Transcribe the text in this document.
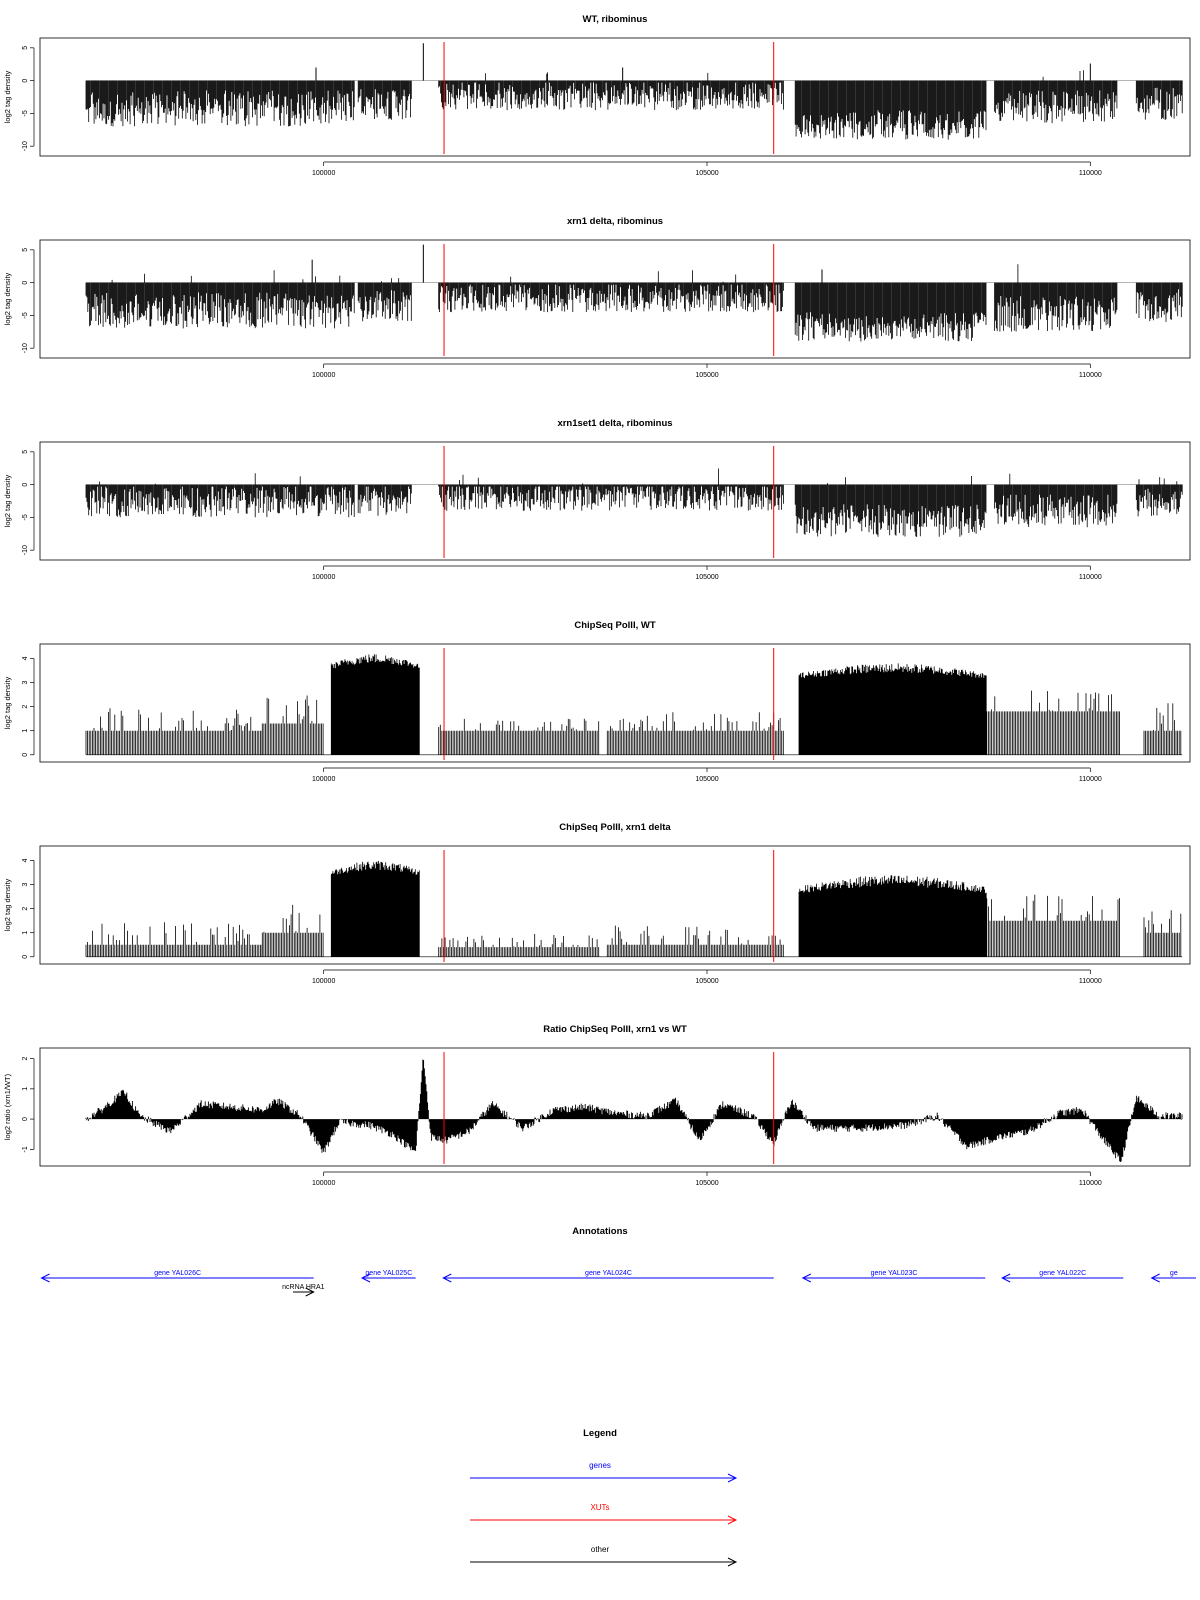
WT, ribominus
5
0
-5
-10
log2 tag density
100000	105000	110000
xrn1 delta, ribominus
5
0
-5
-10
log2 tag density
100000	105000	110000
xrn1set1 delta, ribominus
5
0
-5
-10
log2 tag density
100000	105000	110000
ChipSeq PolII, WT
0
1
2
3
4
log2 tag density
100000	105000	110000
ChipSeq PolII, xrn1 delta
0
1
2
3
4
log2 tag density
100000	105000	110000
Ratio ChipSeq PolII, xrn1 vs WT
-1
0
1
2
log2 ratio (xrn1/WT)
100000	105000	110000
Annotations
gene YAL026C
ncRNA HRA1
gene YAL025C	gene YAL024C	gene YAL023C	gene YAL022C	ge
Legend
genes
XUTs
other
